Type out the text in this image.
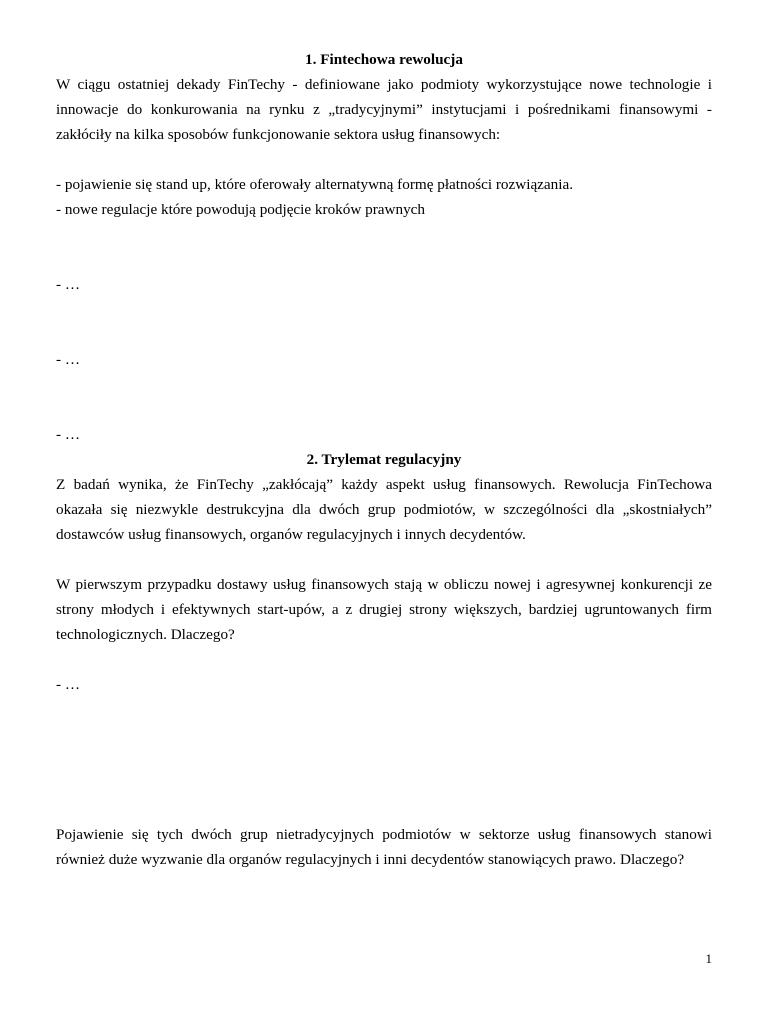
1. Fintechowa rewolucja

W ciągu ostatniej dekady FinTechy - definiowane jako podmioty wykorzystujące nowe technologie i innowacje do konkurowania na rynku z „tradycyjnymi” instytucjami i pośrednikami finansowymi - zakłóciły na kilka sposobów funkcjonowanie sektora usług finansowych:

- pojawienie się stand up, które oferowały alternatywną formę płatności rozwiązania.

- nowe regulacje które powodują podjęcie kroków prawnych

- …

- …

- …

2. Trylemat regulacyjny

Z badań wynika, że FinTechy „zakłócają” każdy aspekt usług finansowych. Rewolucja FinTechowa okazała się niezwykle destrukcyjna dla dwóch grup podmiotów, w szczególności dla „skostniałych” dostawców usług finansowych, organów regulacyjnych i innych decydentów.

W pierwszym przypadku dostawy usług finansowych stają w obliczu nowej i agresywnej konkurencji ze strony młodych i efektywnych start-upów, a z drugiej strony większych, bardziej ugruntowanych firm technologicznych. Dlaczego?

- …

Pojawienie się tych dwóch grup nietradycyjnych podmiotów w sektorze usług finansowych stanowi również duże wyzwanie dla organów regulacyjnych i inni decydentów stanowiących prawo. Dlaczego?

1
